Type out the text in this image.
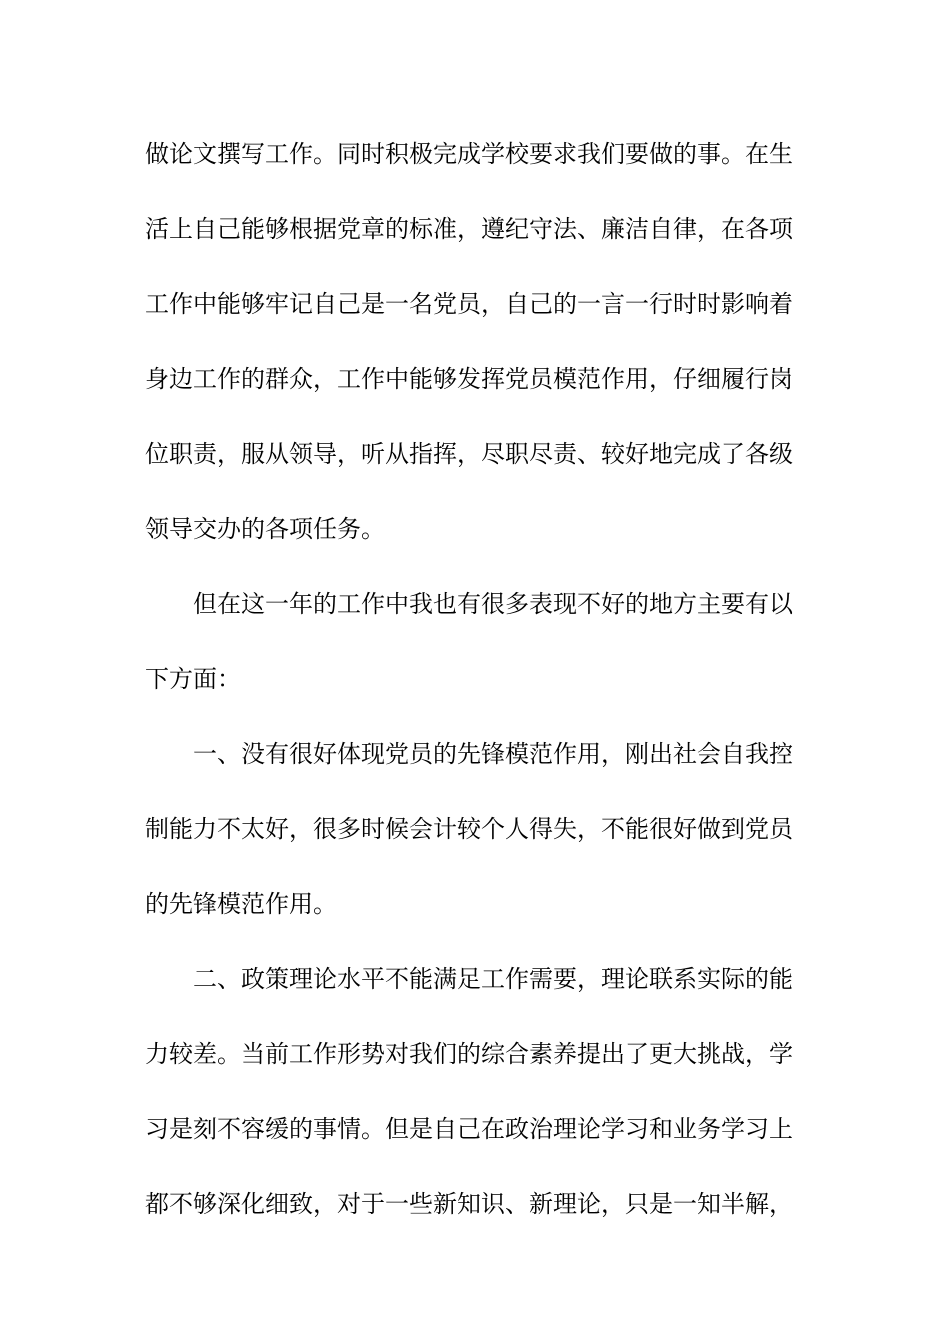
做论文撰写工作。同时积极完成学校要求我们要做的事。在生
活上自己能够根据党章的标准，遵纪守法、廉洁自律，在各项
工作中能够牢记自己是一名党员，自己的一言一行时时影响着
身边工作的群众，工作中能够发挥党员模范作用，仔细履行岗
位职责，服从领导，听从指挥，尽职尽责、较好地完成了各级
领导交办的各项任务。
但在这一年的工作中我也有很多表现不好的地方主要有以
下方面：
一、没有很好体现党员的先锋模范作用，刚出社会自我控
制能力不太好，很多时候会计较个人得失，不能很好做到党员
的先锋模范作用。
二、政策理论水平不能满足工作需要，理论联系实际的能
力较差。当前工作形势对我们的综合素养提出了更大挑战，学
习是刻不容缓的事情。但是自己在政治理论学习和业务学习上
都不够深化细致，对于一些新知识、新理论，只是一知半解，
